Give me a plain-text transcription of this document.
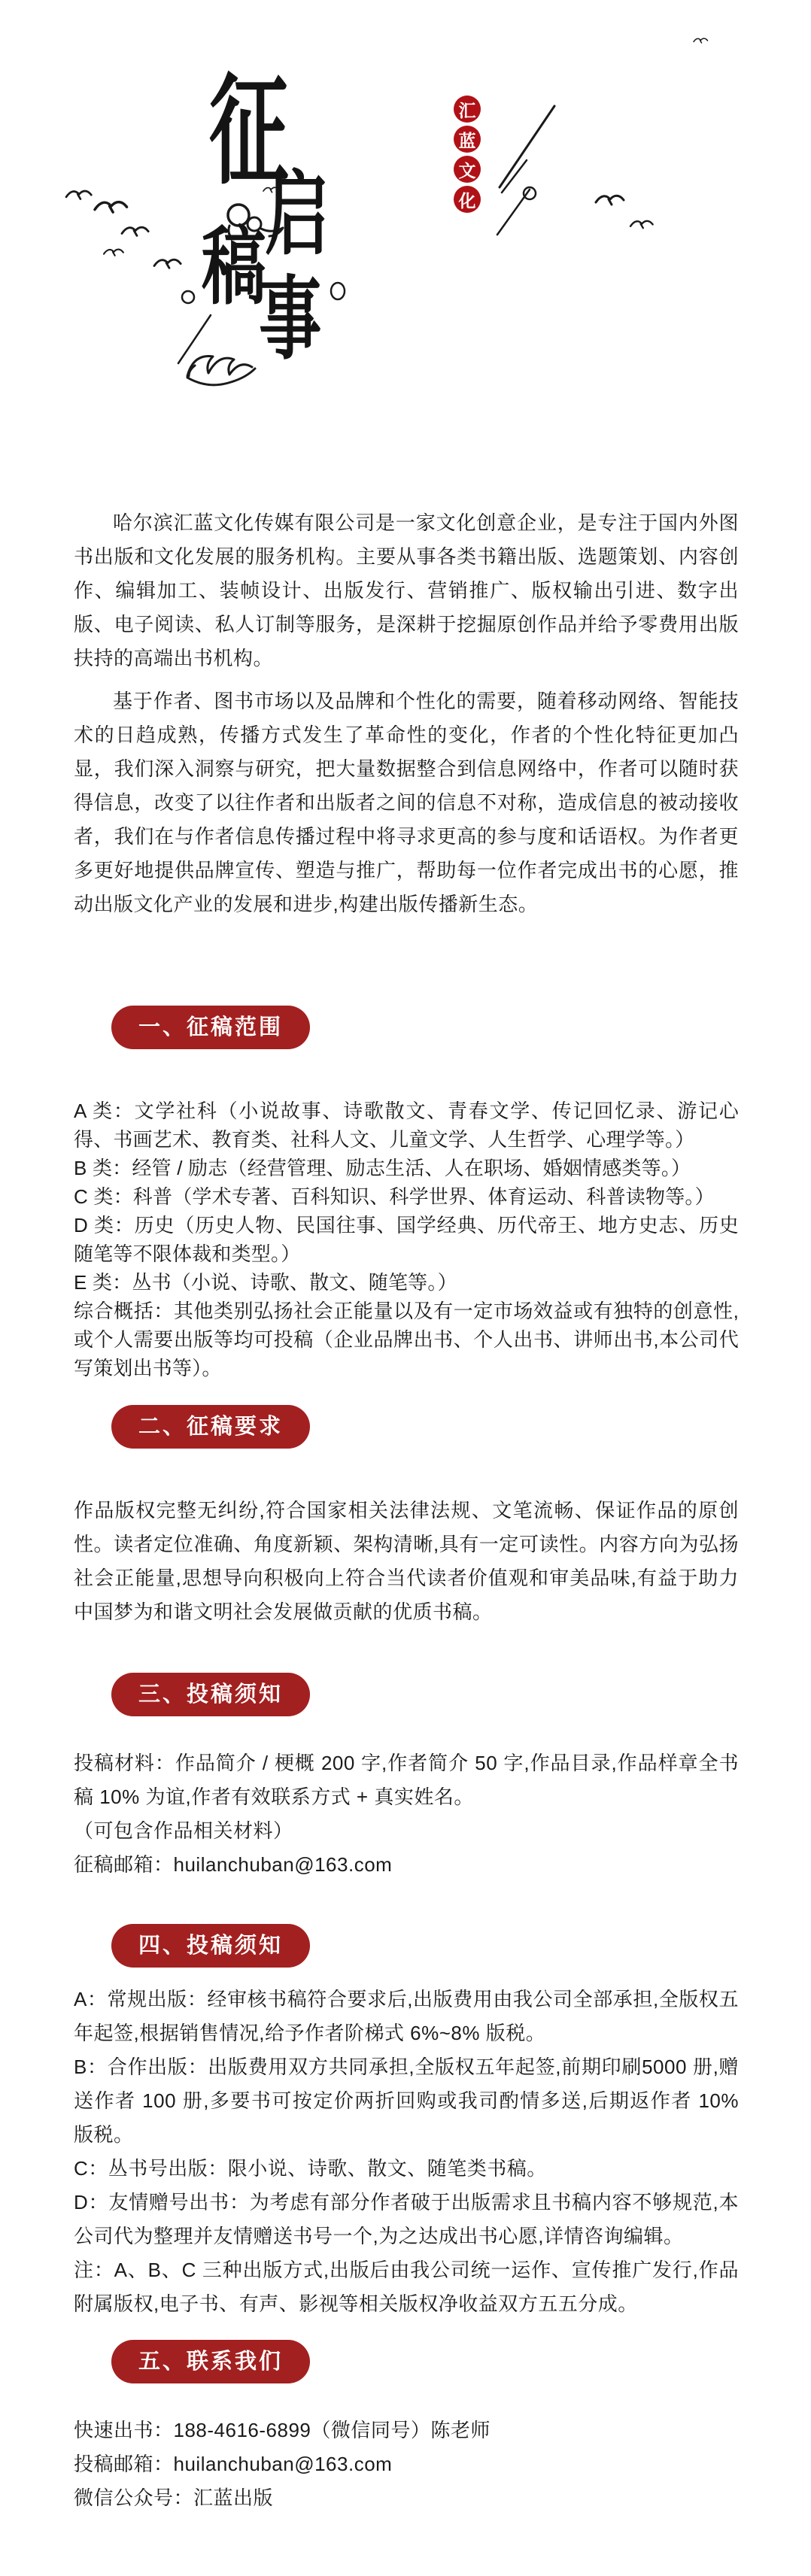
征
稿
启
事
汇
蓝
文
化

哈尔滨汇蓝文化传媒有限公司是一家文化创意企业，是专注于国内外图书出版和文化发展的服务机构。主要从事各类书籍出版、选题策划、内容创作、编辑加工、装帧设计、出版发行、营销推广、版权输出引进、数字出版、电子阅读、私人订制等服务，是深耕于挖掘原创作品并给予零费用出版扶持的高端出书机构。

基于作者、图书市场以及品牌和个性化的需要，随着移动网络、智能技术的日趋成熟，传播方式发生了革命性的变化，作者的个性化特征更加凸显，我们深入洞察与研究，把大量数据整合到信息网络中，作者可以随时获得信息，改变了以往作者和出版者之间的信息不对称，造成信息的被动接收者，我们在与作者信息传播过程中将寻求更高的参与度和话语权。为作者更多更好地提供品牌宣传、塑造与推广，帮助每一位作者完成出书的心愿，推动出版文化产业的发展和进步,构建出版传播新生态。

一、征稿范围

A 类：文学社科（小说故事、诗歌散文、青春文学、传记回忆录、游记心得、书画艺术、教育类、社科人文、儿童文学、人生哲学、心理学等。）

B 类：经管 / 励志（经营管理、励志生活、人在职场、婚姻情感类等。）

C 类：科普（学术专著、百科知识、科学世界、体育运动、科普读物等。）

D 类：历史（历史人物、民国往事、国学经典、历代帝王、地方史志、历史随笔等不限体裁和类型。）

E 类：丛书（小说、诗歌、散文、随笔等。）

综合概括：其他类别弘扬社会正能量以及有一定市场效益或有独特的创意性,或个人需要出版等均可投稿（企业品牌出书、个人出书、讲师出书,本公司代写策划出书等）。

二、征稿要求

作品版权完整无纠纷,符合国家相关法律法规、文笔流畅、保证作品的原创性。读者定位准确、角度新颖、架构清晰,具有一定可读性。内容方向为弘扬社会正能量,思想导向积极向上符合当代读者价值观和审美品味,有益于助力中国梦为和谐文明社会发展做贡献的优质书稿。

三、投稿须知

投稿材料：作品简介 / 梗概 200 字,作者简介 50 字,作品目录,作品样章全书稿 10% 为谊,作者有效联系方式 + 真实姓名。

（可包含作品相关材料）

征稿邮箱：huilanchuban@163.com

四、投稿须知

A：常规出版：经审核书稿符合要求后,出版费用由我公司全部承担,全版权五年起签,根据销售情况,给予作者阶梯式 6%~8% 版税。

B：合作出版：出版费用双方共同承担,全版权五年起签,前期印刷5000 册,赠送作者 100 册,多要书可按定价两折回购或我司酌情多送,后期返作者 10% 版税。

C：丛书号出版：限小说、诗歌、散文、随笔类书稿。

D：友情赠号出书：为考虑有部分作者破于出版需求且书稿内容不够规范,本公司代为整理并友情赠送书号一个,为之达成出书心愿,详情咨询编辑。

注：A、B、C 三种出版方式,出版后由我公司统一运作、宣传推广发行,作品附属版权,电子书、有声、影视等相关版权净收益双方五五分成。

五、联系我们

快速出书：188-4616-6899（微信同号）陈老师

投稿邮箱：huilanchuban@163.com

微信公众号：汇蓝出版
